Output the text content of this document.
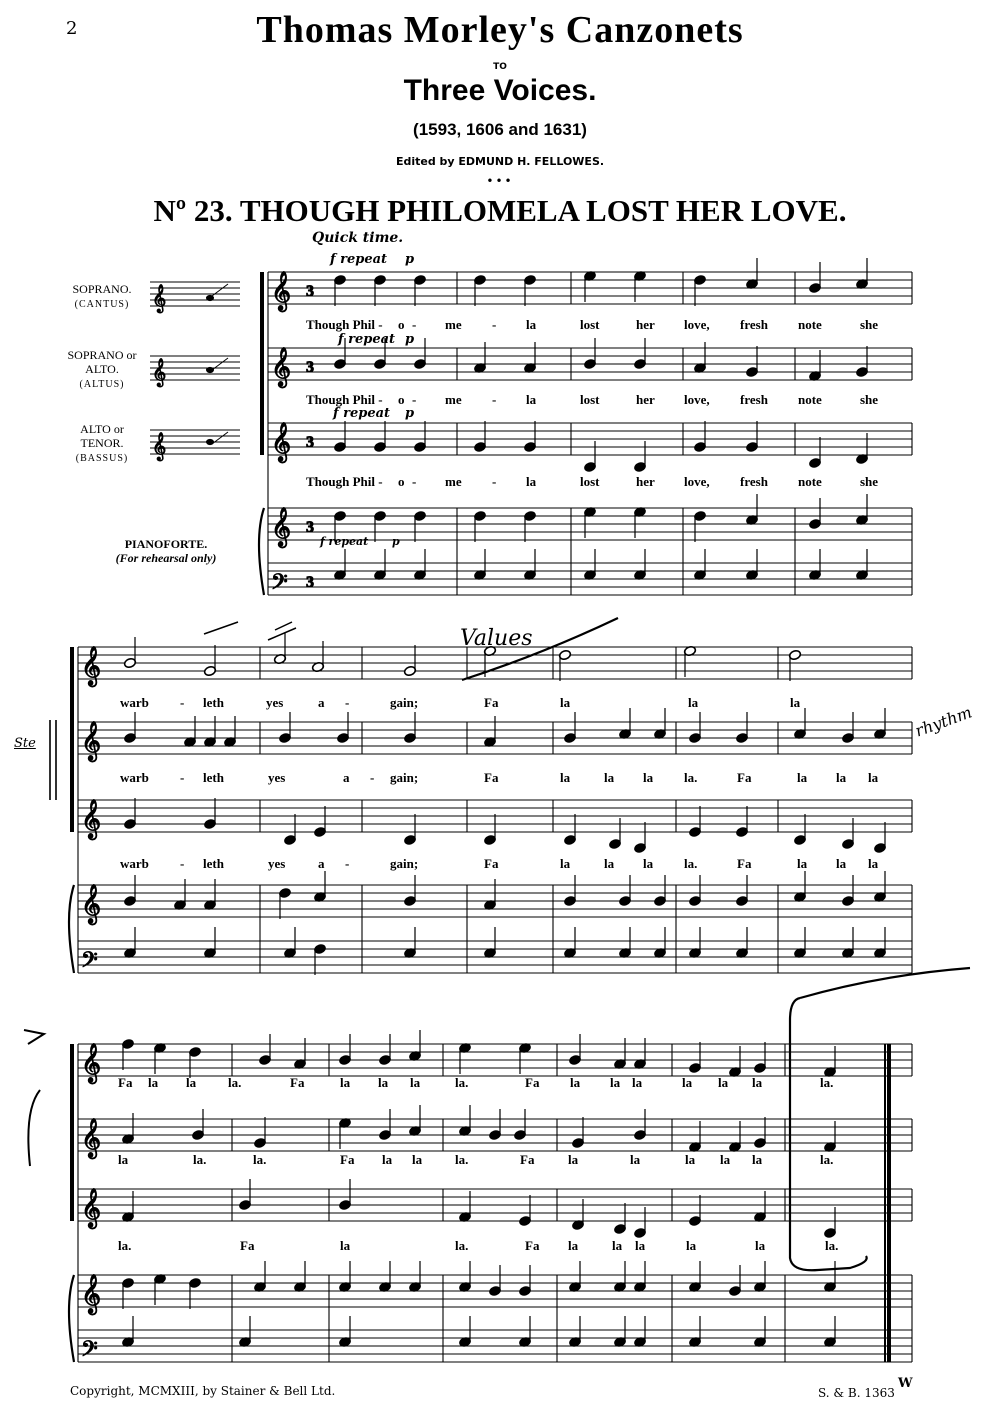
2	Thomas Morley's Canzonets
TO
Three Voices.
(1593, 1606 and 1631)
Edited by EDMUND H. FELLOWES.
•••
Nº 23. THOUGH PHILOMELA LOST HER LOVE.
Quick time.
SOPRANO.
(CANTUS)
SOPRANO or ALTO.
(ALTUS)
ALTO or TENOR.
(BASSUS)
PIANOFORTE.
(For rehearsal only)
f repeat p
f repeat p
f repeat p
f repeat p
𝄞
𝄞
𝄞
𝄞
𝄢
𝄞
𝄞
𝄞
𝄞
𝄢
𝄞
𝄞
𝄞
𝄞
𝄢
3
3
3
3
3
𝄞
𝄞
𝄞
Values
rhythm
Ste
Though Phil - o - me - la	lost	her love, fresh note	she
Though Phil - o - me - la	lost	her love, fresh note	she
Though Phil - o - me - la	lost	her love, fresh note	she
warb - leth	yes	a -	gain;	Fa	la	la	la
warb - leth	yes	a - gain;	Fa	la	la la la.	Fa	la la la
warb - leth	yes	a -	gain;	Fa	la	la la la.	Fa	la la la
Fa la la la.	Fa	la la la	la.	Fa la la la	la la la	la.
la	la.	la.	Fa la la	la.	Fa	la	la	la la la	la.
la.	Fa	la	la.	Fa la	la la	la	la	la.
Copyright, MCMXIII, by Stainer & Bell Ltd.	S. & B. 1363
W
